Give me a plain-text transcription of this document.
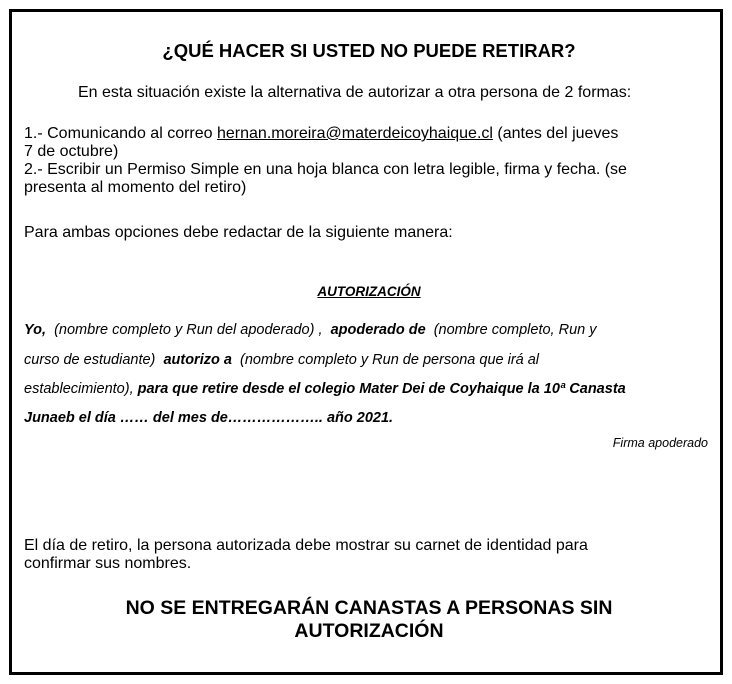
¿QUÉ HACER SI USTED NO PUEDE RETIRAR?
En esta situación existe la alternativa de autorizar a otra persona de 2 formas:
1.- Comunicando al correo hernan.moreira@materdeicoyhaique.cl (antes del jueves
7 de octubre)
2.- Escribir un Permiso Simple en una hoja blanca con letra legible, firma y fecha. (se
presenta al momento del retiro)
Para ambas opciones debe redactar de la siguiente manera:
AUTORIZACIÓN
Yo, (nombre completo y Run del apoderado) , apoderado de (nombre completo, Run y
curso de estudiante) autorizo a (nombre completo y Run de persona que irá al
establecimiento), para que retire desde el colegio Mater Dei de Coyhaique la 10ª Canasta
Junaeb el día …… del mes de……………….. año 2021.
Firma apoderado
El día de retiro, la persona autorizada debe mostrar su carnet de identidad para
confirmar sus nombres.
NO SE ENTREGARÁN CANASTAS A PERSONAS SIN
AUTORIZACIÓN
